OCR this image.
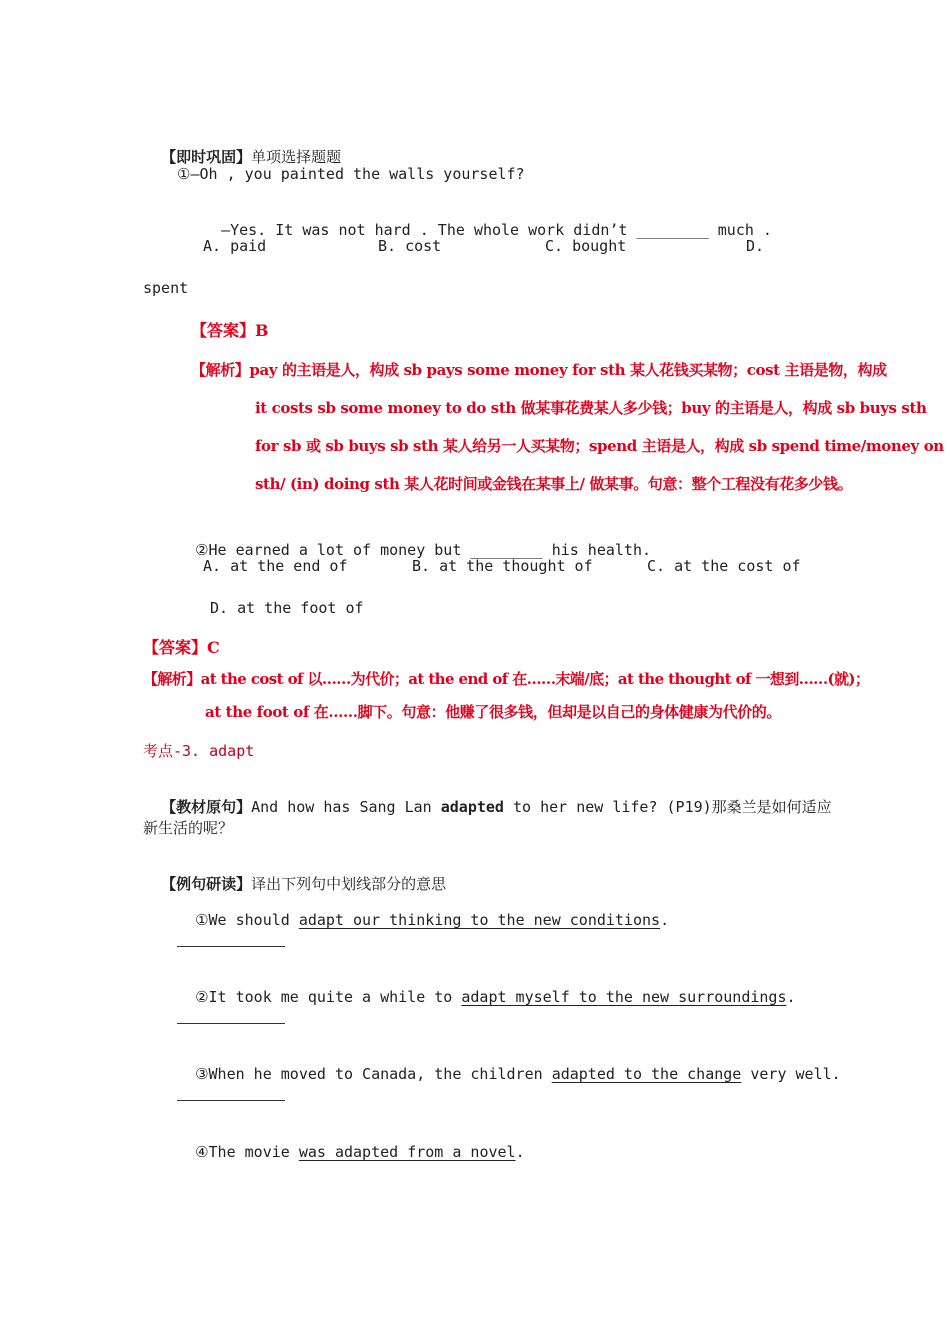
【即时巩固】单项选择题题

①—Oh , you painted the walls yourself?

—Yes. It was not hard . The whole work didn’t ________ much .

A. paid	B. cost	C. bought	D.
spent
【答案】B
【解析】pay 的主语是人，构成 sb pays some money for sth 某人花钱买某物；cost 主语是物，构成
it costs sb some money to do sth 做某事花费某人多少钱；buy 的主语是人，构成 sb buys sth
for sb 或 sb buys sb sth 某人给另一人买某物；spend 主语是人，构成 sb spend time/money on
sth/ (in) doing sth 某人花时间或金钱在某事上/ 做某事。句意：整个工程没有花多少钱。

②He earned a lot of money but ________ his health.

A. at the end of	B. at the thought of	C. at the cost of
D. at the foot of
【答案】C
【解析】at the cost of 以……为代价；at the end of 在……末端/底；at the thought of 一想到……(就)；
at the foot of 在……脚下。句意：他赚了很多钱，但却是以自己的身体健康为代价的。
考点-3. adapt

【教材原句】And how has Sang Lan adapted to her new life? (P19)那桑兰是如何适应

新生活的呢？

【例句研读】译出下列句中划线部分的意思

①We should adapt our thinking to the new conditions.

②It took me quite a while to adapt myself to the new surroundings.

③When he moved to Canada, the children adapted to the change very well.

④The movie was adapted from a novel.
